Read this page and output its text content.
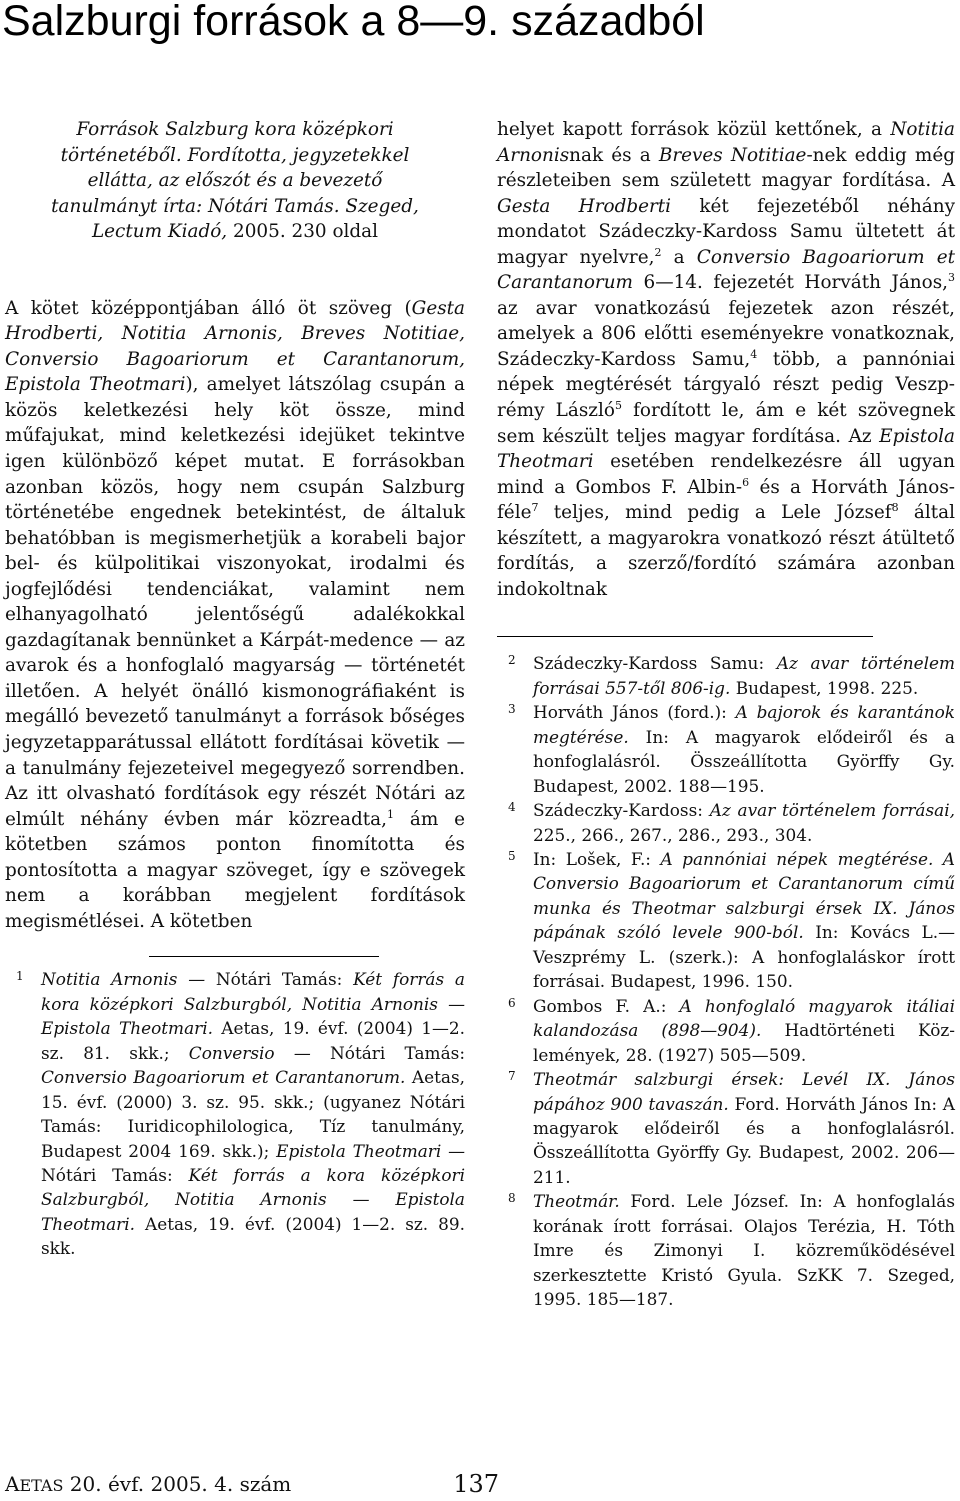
Salzburgi források a 8—9. századból
Források Salzburg kora középkori történetéből. Fordította, jegyzetekkel ellátta, az előszót és a bevezető tanulmányt írta: Nótári Tamás. Szeged, Lectum Kiadó, 2005. 230 oldal

A kötet középpontjában álló öt szöveg (Gesta Hrodberti, Notitia Arnonis, Breves Notitiae, Conversio Bagoariorum et Carantanorum, Epistola Theotmari), amelyet látszólag csupán a közös keletkezési hely köt össze, mind műfajukat, mind keletkezési idejüket tekintve igen különböző képet mutat. E forrásokban azonban közös, hogy nem csupán Salzburg történetébe engednek betekintést, de általuk behatóbban is megismerhetjük a korabeli bajor bel- és külpolitikai viszonyokat, irodalmi és jogfejlődési tendenciákat, valamint nem elhanyagolható jelentőségű adalékokkal gazdagítanak bennünket a Kárpát-medence — az avarok és a honfoglaló magyarság — történetét illetően. A helyét önálló kismonográfiaként is megálló bevezető tanulmányt a források bőséges jegyzetapparátussal ellátott fordításai követik — a tanulmány fejezeteivel megegyező sorrendben. Az itt olvasható fordítások egy részét Nótári az elmúlt néhány évben már közreadta,$^1$ ám e kötetben számos ponton finomította és pontosította a magyar szöveget, így e szövegek nem a korábban megjelent fordítások megismétlései. A kötetben

1 Notitia Arnonis — Nótári Tamás: Két forrás a kora középkori Salzburgból, Notitia Arnonis — Epistola Theotmari. Aetas, 19. évf. (2004) 1—2. sz. 81. skk.; Conversio — Nótári Tamás: Conversio Bagoariorum et Carantanorum. Aetas, 15. évf. (2000) 3. sz. 95. skk.; (ugyanez Nótári Tamás: Iuridicophilologica, Tíz tanulmány, Budapest 2004 169. skk.); Epistola Theotmari — Nótári Tamás: Két forrás a kora középkori Salzburgból, Notitia Arnonis — Epistola Theotmari. Aetas, 19. évf. (2004) 1—2. sz. 89. skk.

helyet kapott források közül kettőnek, a Notitia Arnonisnak és a Breves Notitiae-nek eddig még részleteiben sem született magyar fordítása. A Gesta Hrodberti két fejezetéből néhány mondatot Szádeczky-Kardoss Samu ültetett át magyar nyelvre,$^2$ a Conversio Bagoariorum et Carantanorum 6—14. fejezetét Horváth János,$^3$ az avar vonatkozású fejezetek azon részét, amelyek a 806 előtti eseményekre vonatkoznak, Szádeczky-Kardoss Samu,$^4$ több, a pannóniai népek megtérését tárgyaló részt pedig Veszprémy László$^5$ fordított le, ám e két szövegnek sem készült teljes magyar fordítása. Az Epistola Theotmari esetében rendelkezésre áll ugyan mind a Gombos F. Albin-$^6$ és a Horváth János-féle$^7$ teljes, mind pedig a Lele József$^8$ által készített, a magyarokra vonatkozó részt átültető fordítás, a szerző/fordító számára azonban indokoltnak

2 Szádeczky-Kardoss Samu: Az avar történelem forrásai 557-től 806-ig. Budapest, 1998. 225.
3 Horváth János (ford.): A bajorok és karantánok megtérése. In: A magyarok elődeiről és a honfoglalásról. Összeállította Györffy Gy. Budapest, 2002. 188—195.
4 Szádeczky-Kardoss: Az avar történelem forrásai, 225., 266., 267., 286., 293., 304.
5 In: Lošek, F.: A pannóniai népek megtérése. A Conversio Bagoariorum et Carantanorum című munka és Theotmar salzburgi érsek IX. János pápának szóló levele 900-ból. In: Kovács L.—Veszprémy L. (szerk.): A honfoglaláskor írott forrásai. Budapest, 1996. 150.
6 Gombos F. A.: A honfoglaló magyarok itáliai kalandozása (898—904). Hadtörténeti Közlemények, 28. (1927) 505—509.
7 Theotmár salzburgi érsek: Levél IX. János pápához 900 tavaszán. Ford. Horváth János In: A magyarok elődeiről és a honfoglalásról. Összeállította Györffy Gy. Budapest, 2002. 206—211.
8 Theotmár. Ford. Lele József. In: A honfoglalás korának írott forrásai. Olajos Terézia, H. Tóth Imre és Zimonyi I. közreműködésével szerkesztette Kristó Gyula. SzKK 7. Szeged, 1995. 185—187.
AETAS 20. évf. 2005. 4. szám	137
